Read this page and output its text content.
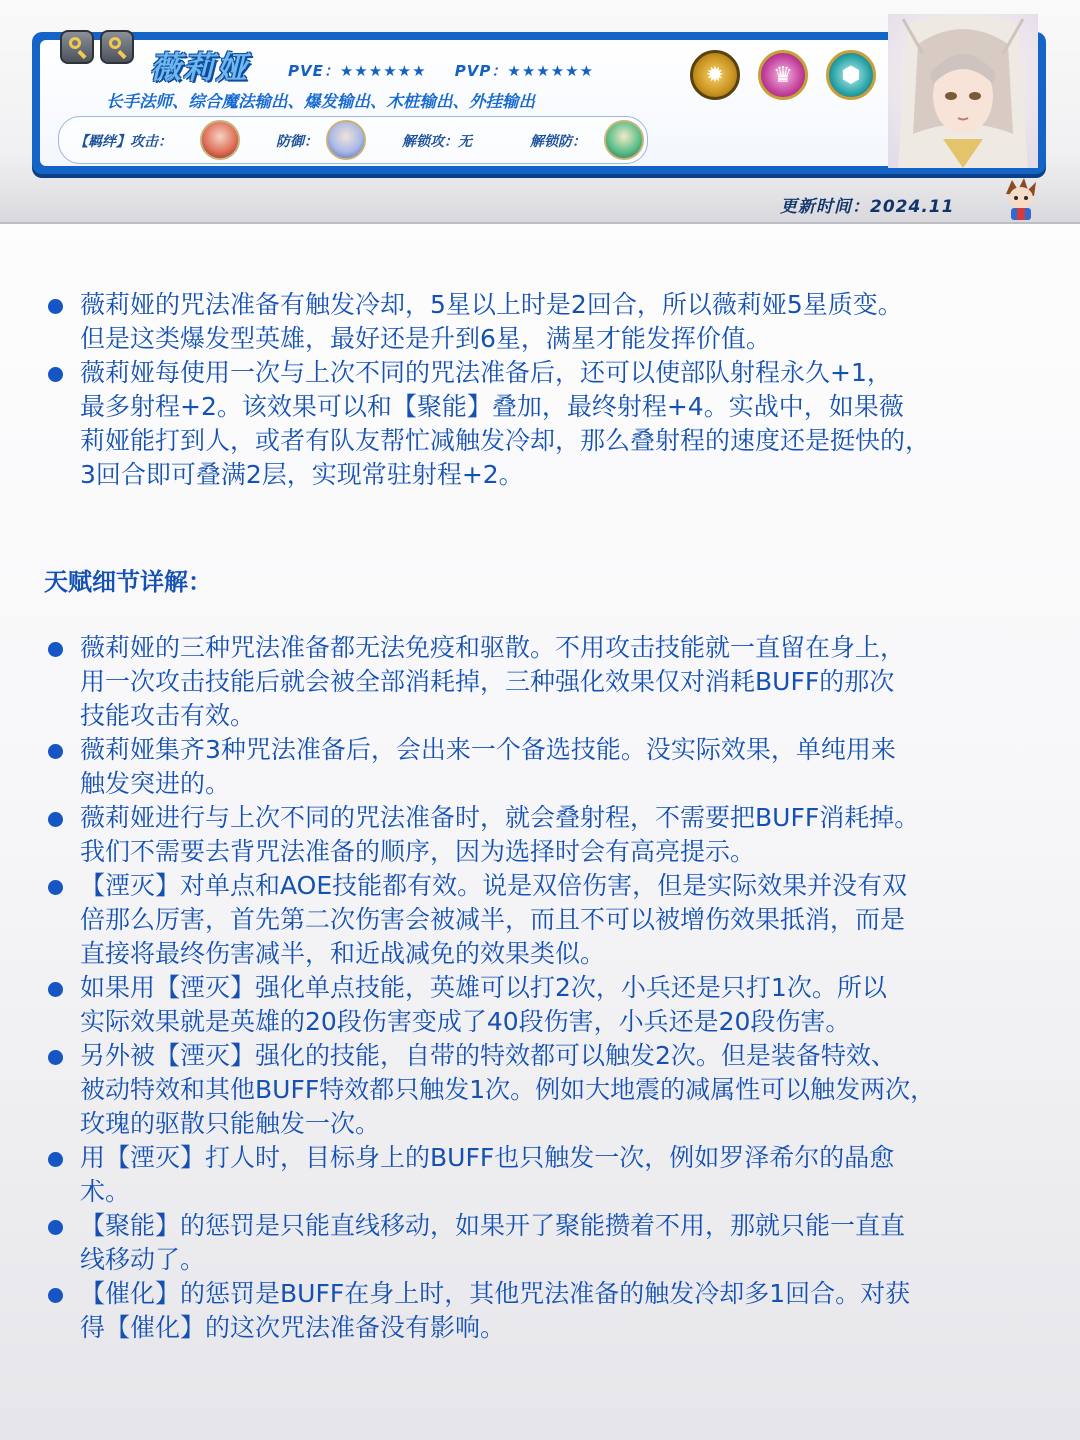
薇莉娅	PVE：★★★★★★ PVP：★★★★★★
长手法师、综合魔法输出、爆发输出、木桩输出、外挂输出
【羁绊】攻击：	防御：	解锁攻：无	解锁防：
✹	♛	⬢
更新时间：2024.11
薇莉娅的咒法准备有触发冷却，5星以上时是2回合，所以薇莉娅5星质变。
但是这类爆发型英雄，最好还是升到6星，满星才能发挥价值。
薇莉娅每使用一次与上次不同的咒法准备后，还可以使部队射程永久+1，
最多射程+2。该效果可以和【聚能】叠加，最终射程+4。实战中，如果薇
莉娅能打到人，或者有队友帮忙减触发冷却，那么叠射程的速度还是挺快的，
3回合即可叠满2层，实现常驻射程+2。
天赋细节详解：
薇莉娅的三种咒法准备都无法免疫和驱散。不用攻击技能就一直留在身上，
用一次攻击技能后就会被全部消耗掉，三种强化效果仅对消耗BUFF的那次
技能攻击有效。
薇莉娅集齐3种咒法准备后，会出来一个备选技能。没实际效果，单纯用来
触发突进的。
薇莉娅进行与上次不同的咒法准备时，就会叠射程，不需要把BUFF消耗掉。
我们不需要去背咒法准备的顺序，因为选择时会有高亮提示。
【湮灭】对单点和AOE技能都有效。说是双倍伤害，但是实际效果并没有双
倍那么厉害，首先第二次伤害会被减半，而且不可以被增伤效果抵消，而是
直接将最终伤害减半，和近战减免的效果类似。
如果用【湮灭】强化单点技能，英雄可以打2次，小兵还是只打1次。所以
实际效果就是英雄的20段伤害变成了40段伤害，小兵还是20段伤害。
另外被【湮灭】强化的技能，自带的特效都可以触发2次。但是装备特效、
被动特效和其他BUFF特效都只触发1次。例如大地震的减属性可以触发两次，
玫瑰的驱散只能触发一次。
用【湮灭】打人时，目标身上的BUFF也只触发一次，例如罗泽希尔的晶愈
术。
【聚能】的惩罚是只能直线移动，如果开了聚能攒着不用，那就只能一直直
线移动了。
【催化】的惩罚是BUFF在身上时，其他咒法准备的触发冷却多1回合。对获
得【催化】的这次咒法准备没有影响。
